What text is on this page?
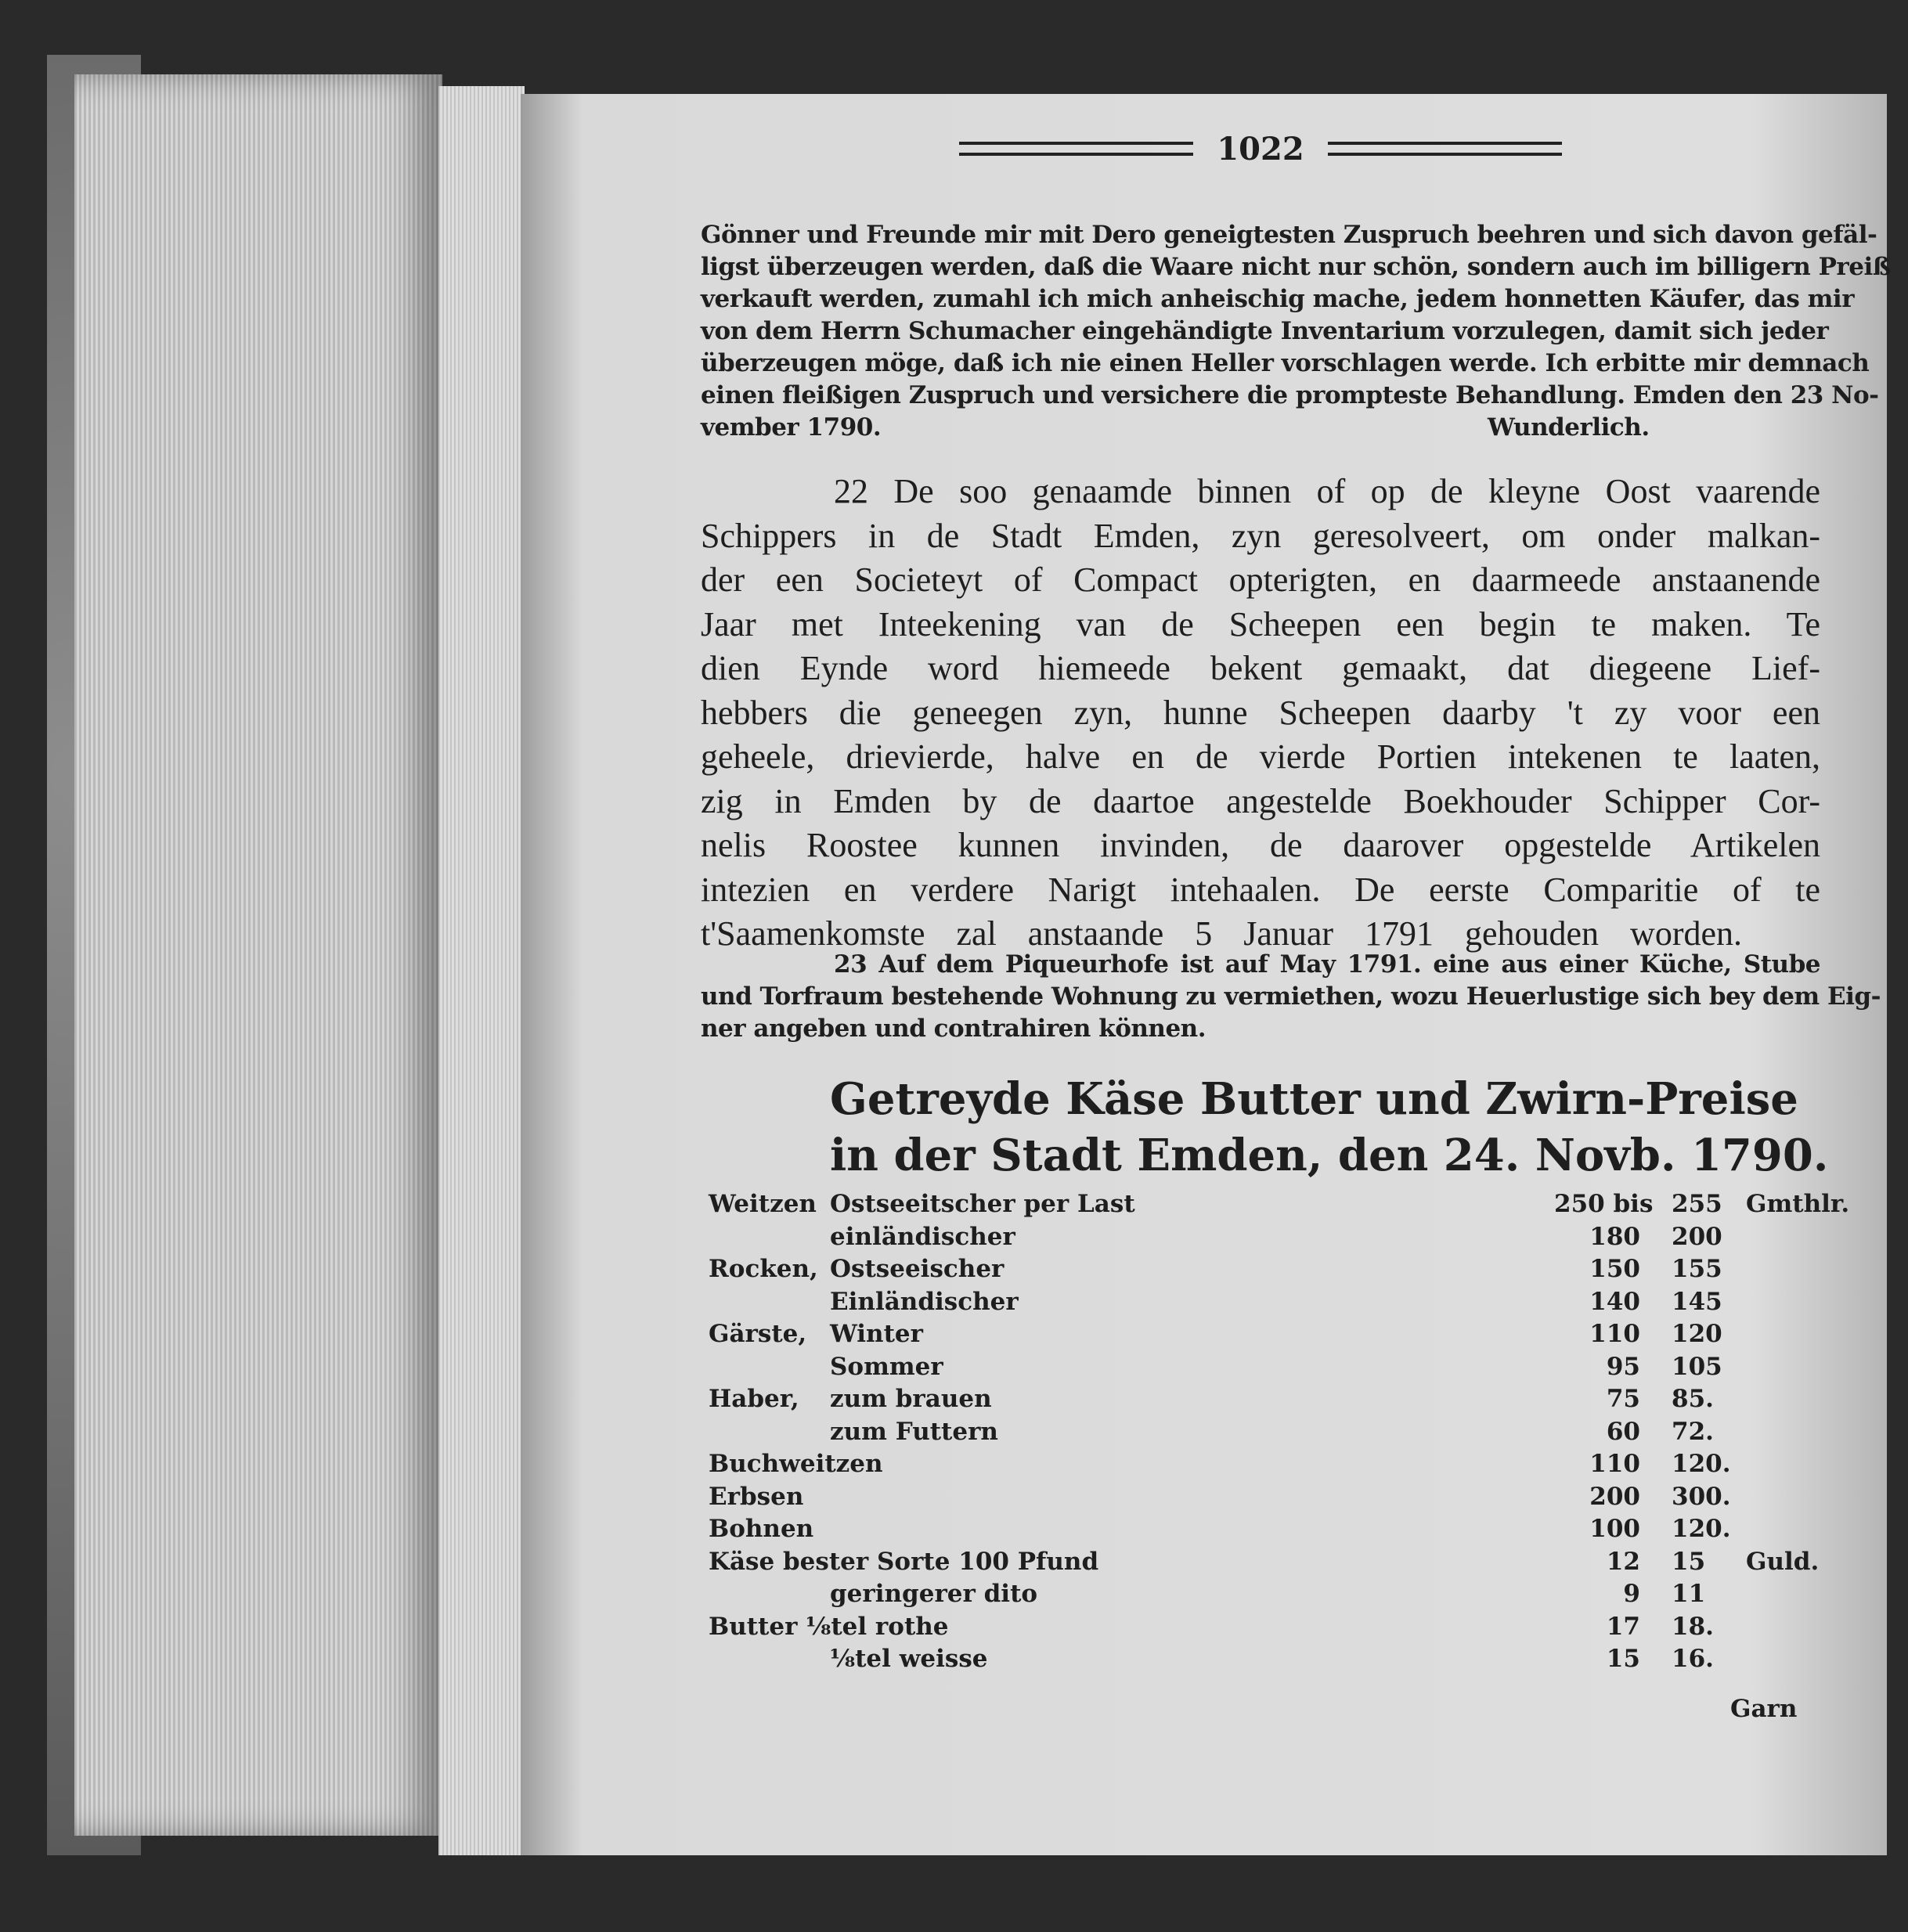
1022
Gönner und Freunde mir mit Dero geneigtesten Zuspruch beehren und sich davon gefäl-
ligst überzeugen werden, daß die Waare nicht nur schön, sondern auch im billigern Preiß
verkauft werden, zumahl ich mich anheischig mache, jedem honnetten Käufer, das mir
von dem Herrn Schumacher eingehändigte Inventarium vorzulegen, damit sich jeder
überzeugen möge, daß ich nie einen Heller vorschlagen werde. Ich erbitte mir demnach
einen fleißigen Zuspruch und versichere die prompteste Behandlung. Emden den 23 No-
vember 1790.	Wunderlich.
22 De soo genaamde binnen of op de kleyne Oost vaarende
Schippers in de Stadt Emden, zyn geresolveert, om onder malkan-
der een Societeyt of Compact opterigten, en daarmeede anstaanende
Jaar met Inteekening van de Scheepen een begin te maken. Te
dien Eynde word hiemeede bekent gemaakt, dat diegeene Lief-
hebbers die geneegen zyn, hunne Scheepen daarby 't zy voor een
geheele, drievierde, halve en de vierde Portien intekenen te laaten,
zig in Emden by de daartoe angestelde Boekhouder Schipper Cor-
nelis Roostee kunnen invinden, de daarover opgestelde Artikelen
intezien en verdere Narigt intehaalen. De eerste Comparitie of te
t'Saamenkomste zal anstaande 5 Januar 1791 gehouden worden.
23 Auf dem Piqueurhofe ist auf May 1791. eine aus einer Küche, Stube
und Torfraum bestehende Wohnung zu vermiethen, wozu Heuerlustige sich bey dem Eig-
ner angeben und contrahiren können.
Getreyde Käse Butter und Zwirn-Preise
in der Stadt Emden, den 24. Novb. 1790.
Weitzen Ostseeitscher per Last	250 bis 255 Gmthlr.
einländischer	180 200
Rocken, Ostseeischer	150 155
Einländischer	140 145
Gärste, Winter	110 120
Sommer	95 105
Haber, zum brauen	75 85.
zum Futtern	60 72.
Buchweitzen	110 120.
Erbsen	200 300.
Bohnen	100 120.
Käse bester Sorte 100 Pfund	12 15 Guld.
geringerer dito	9 11
Butter ⅛tel rothe	17 18.
⅛tel weisse	15 16.
Garn
